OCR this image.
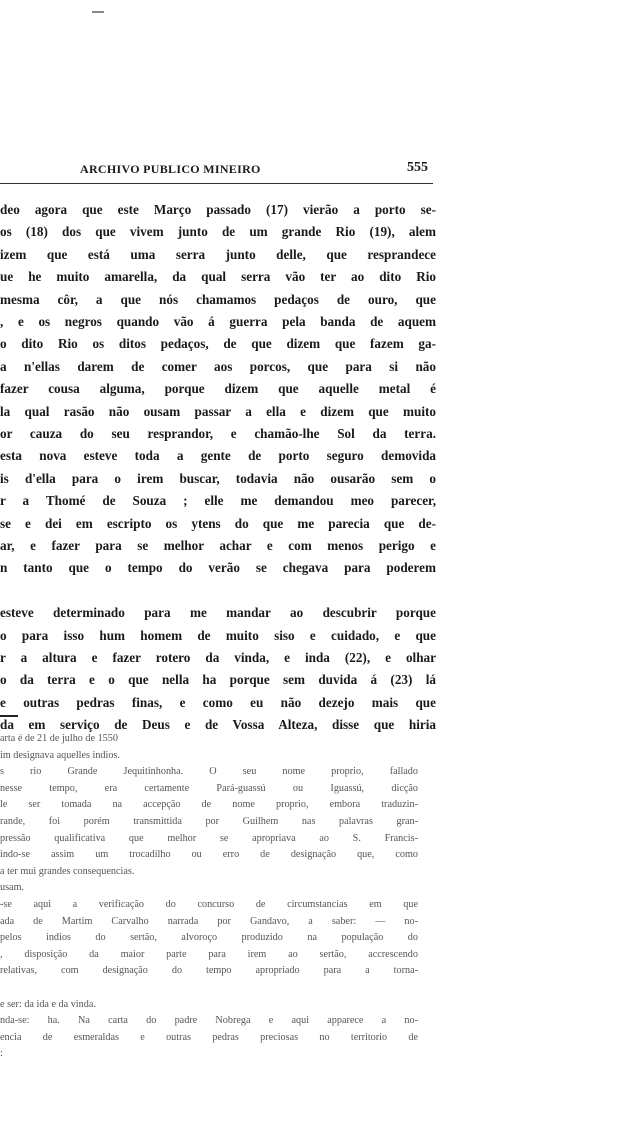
ARCHIVO PUBLICO MINEIRO	555
deo agora que este Março passado (17) vierão a porto se-
os (18) dos que vivem junto de um grande Rio (19), alem
izem que está uma serra junto delle, que resprandece
ue he muito amarella, da qual serra vão ter ao dito Rio
mesma côr, a que nós chamamos pedaços de ouro, que
, e os negros quando vão á guerra pela banda de aquem
o dito Rio os ditos pedaços, de que dizem que fazem ga-
a n'ellas darem de comer aos porcos, que para si não
fazer cousa alguma, porque dizem que aquelle metal é
la qual rasão não ousam passar a ella e dizem que muito
or cauza do seu resprandor, e chamão-lhe Sol da terra.
esta nova esteve toda a gente de porto seguro demovida
is d'ella para o irem buscar, todavia não ousarão sem o
r a Thomé de Souza ; elle me demandou meo parecer,
se e dei em escripto os ytens do que me parecia que de-
ar, e fazer para se melhor achar e com menos perigo e
n tanto que o tempo do verão se chegava para poderem
esteve determinado para me mandar ao descubrir porque
o para isso hum homem de muito siso e cuidado, e que
r a altura e fazer rotero da vinda, e inda (22), e olhar
o da terra e o que nella ha porque sem duvida á (23) lá
e outras pedras finas, e como eu não dezejo mais que
da em serviço de Deus e de Vossa Alteza, disse que hiria
arta é de 21 de julho de 1550
im designava aquelles indios.
s rio Grande Jequitinhonha. O seu nome proprio, fallado
nesse tempo, era certamente Pará-guassú ou Iguassú, dicção
le ser tomada na accepção de nome proprio, embora traduzin-
rande, foi porém transmittida por Guilhem nas palavras gran-
pressão qualificativa que melhor se apropriava ao S. Francis-
indo-se assim um trocadilho ou erro de designação que, como
a ter mui grandes consequencias.
usam.
-se aqui a verificação do concurso de circumstancias em que
ada de Martim Carvalho narrada por Gandavo, a saber: — no-
pelos indios do sertão, alvoroço produzido na população do
, disposição da maior parte para irem ao sertão, accrescendo
relativas, com designação do tempo apropriado para a torna-
e ser: da ida e da vinda.
nda-se: ha. Na carta do padre Nobrega e aqui apparece a no-
encia de esmeraldas e outras pedras preciosas no territorio de
:
